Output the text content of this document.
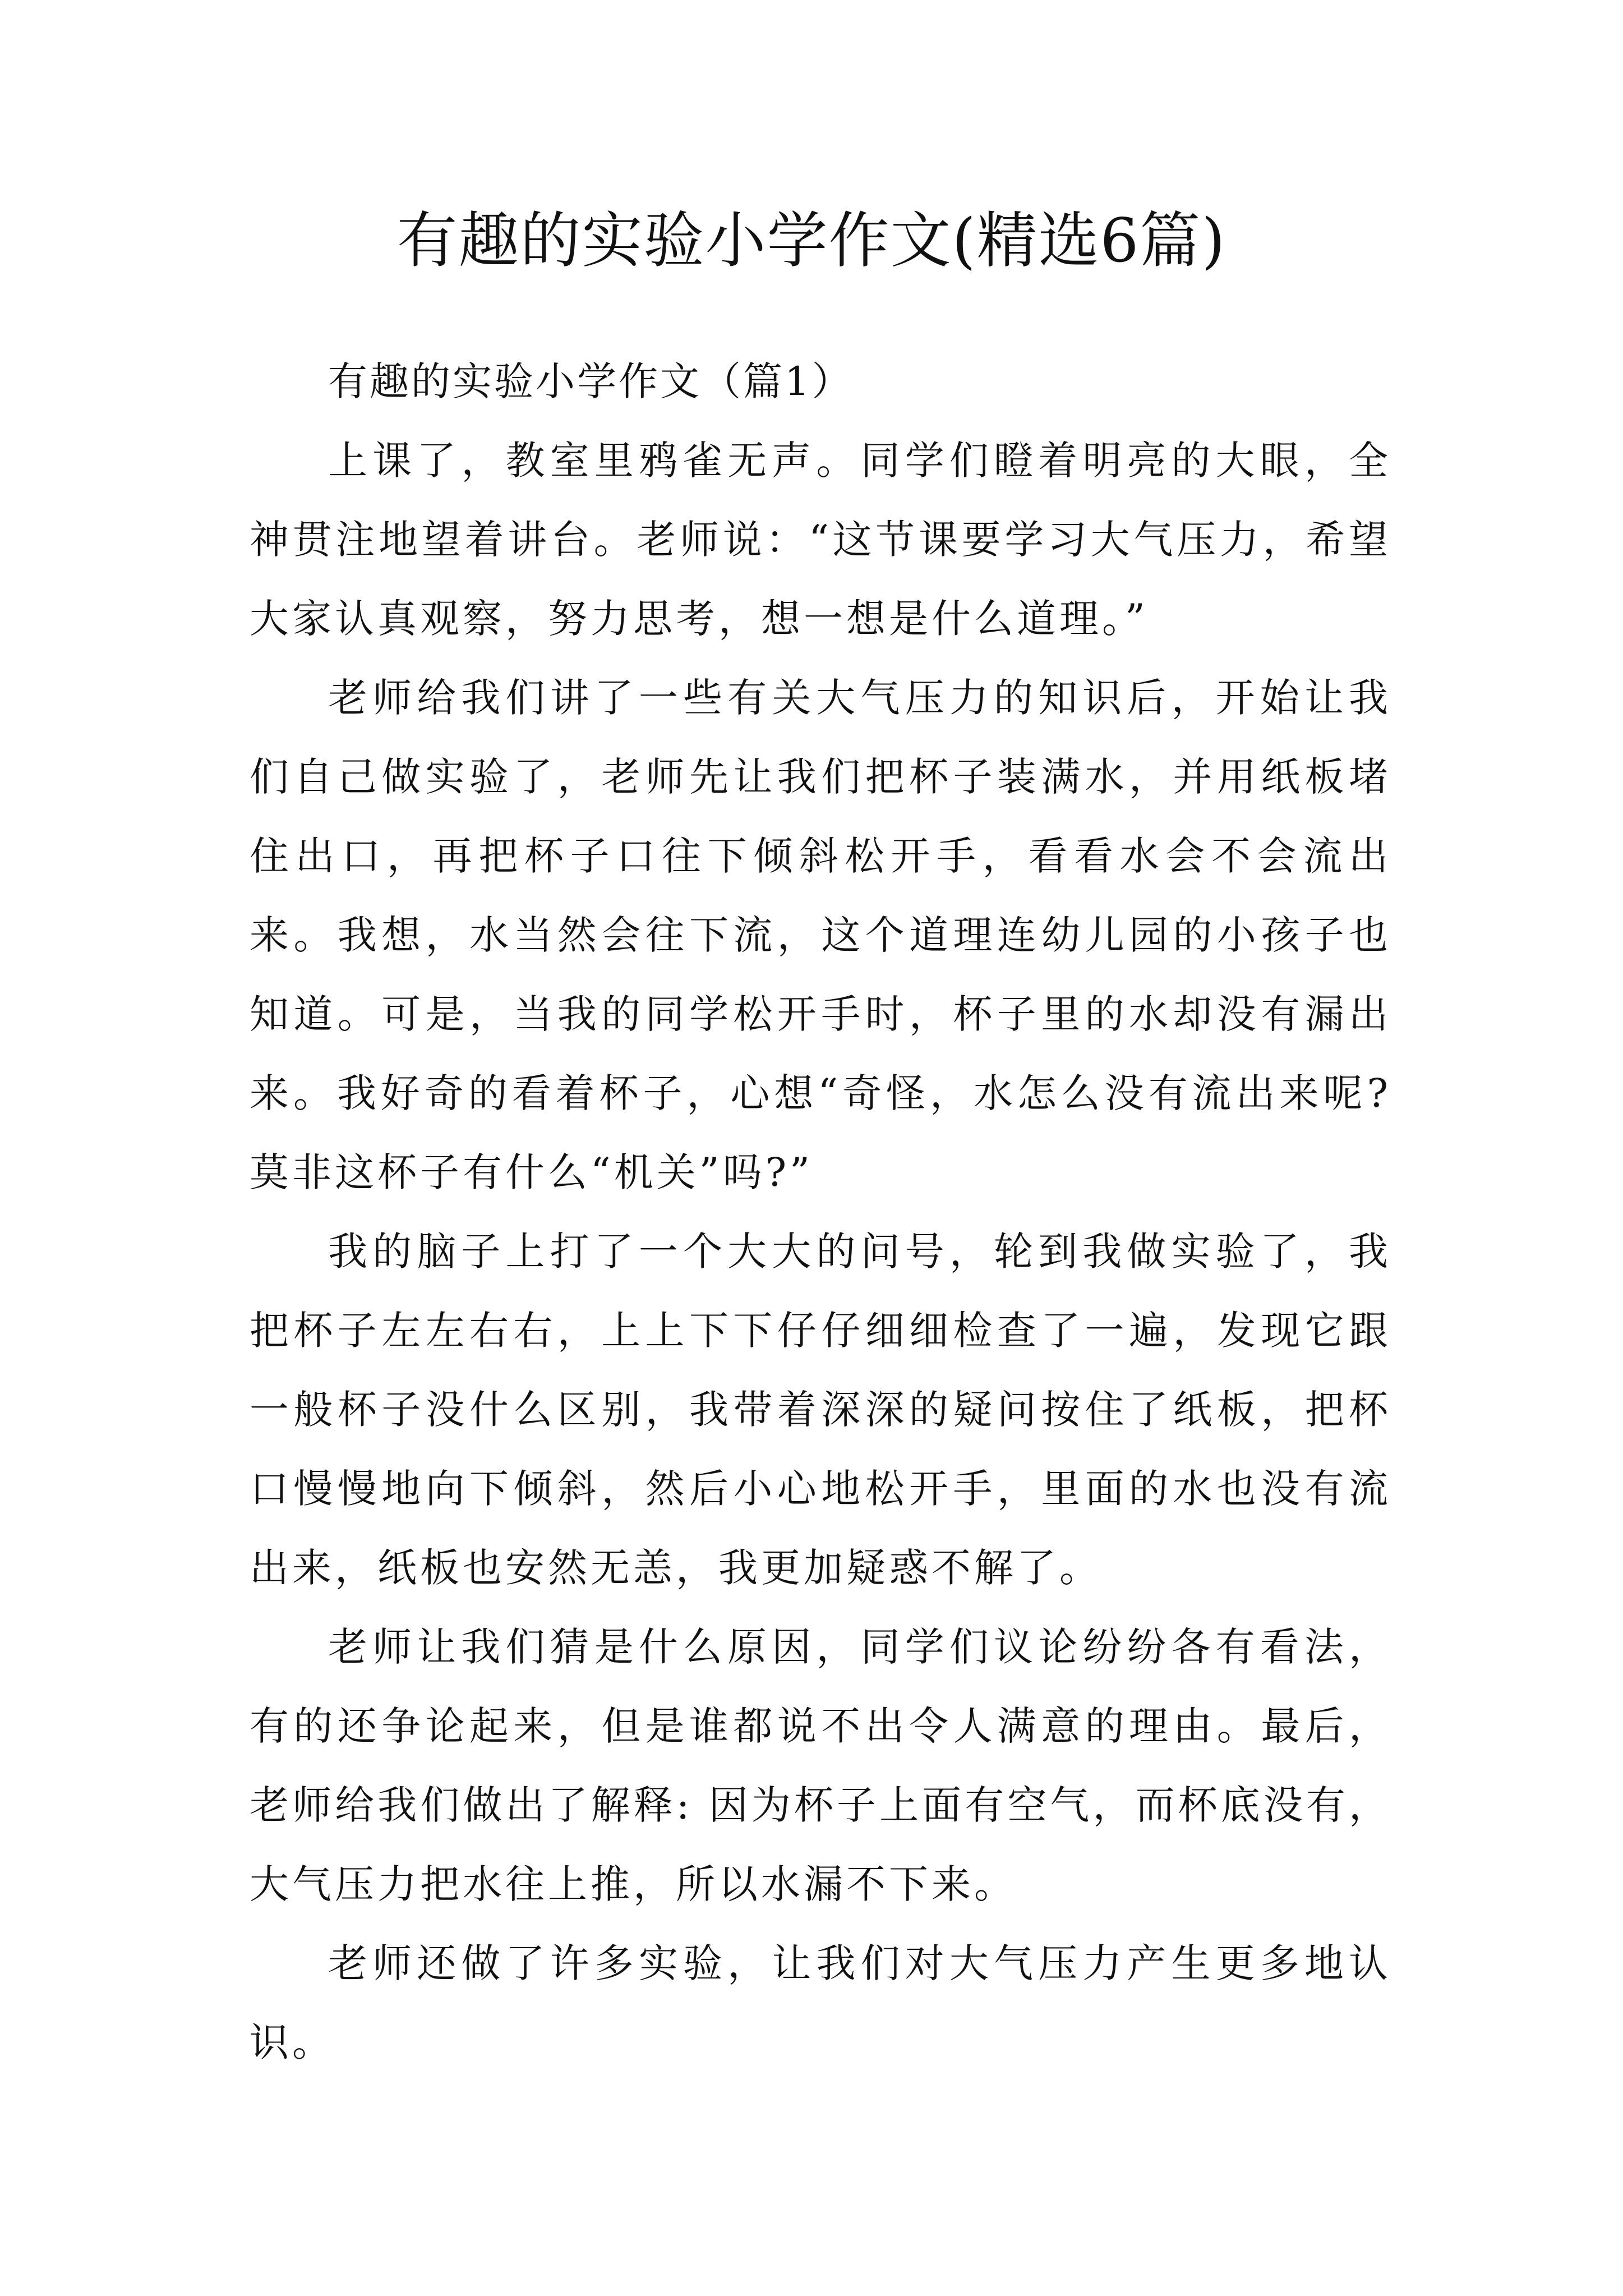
有趣的实验小学作文(精选6篇)

有趣的实验小学作文（篇1）

上课了，教室里鸦雀无声。同学们瞪着明亮的大眼，全神贯注地望着讲台。老师说：“这节课要学习大气压力，希望大家认真观察，努力思考，想一想是什么道理。”

老师给我们讲了一些有关大气压力的知识后，开始让我们自己做实验了，老师先让我们把杯子装满水，并用纸板堵住出口，再把杯子口往下倾斜松开手，看看水会不会流出来。我想，水当然会往下流，这个道理连幼儿园的小孩子也知道。可是，当我的同学松开手时，杯子里的水却没有漏出来。我好奇的看着杯子，心想“奇怪，水怎么没有流出来呢?莫非这杯子有什么“机关”吗?”

我的脑子上打了一个大大的问号，轮到我做实验了，我把杯子左左右右，上上下下仔仔细细检查了一遍，发现它跟一般杯子没什么区别，我带着深深的疑问按住了纸板，把杯口慢慢地向下倾斜，然后小心地松开手，里面的水也没有流出来，纸板也安然无恙，我更加疑惑不解了。

老师让我们猜是什么原因，同学们议论纷纷各有看法，有的还争论起来，但是谁都说不出令人满意的理由。最后，老师给我们做出了解释: 因为杯子上面有空气，而杯底没有，大气压力把水往上推，所以水漏不下来。

老师还做了许多实验，让我们对大气压力产生更多地认识。
